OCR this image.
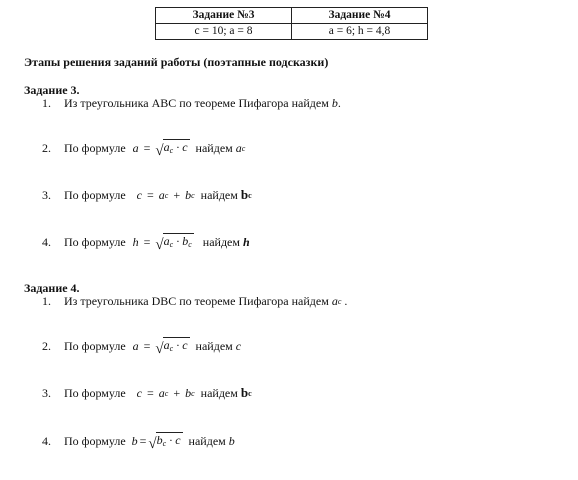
Задание №3	Задание №4
c = 10; a = 8	a = 6; h = 4,8
Этапы решения заданий работы (поэтапные подсказки)
Задание 3.
1.	Из треугольника ABC по теореме Пифагора найдем
b .
2.	По формуле a = √ $a_c \cdot c$ найдем
a c
3.	По формуле c = a c + b c найдем
b c
4.	По формуле h = √ $a_c \cdot b_c$ найдем
h
Задание 4.
1.	Из треугольника DBC по теореме Пифагора найдем
a c
.
2.	По формуле a = √ $a_c \cdot c$ найдем
c
3.	По формуле c = a c + b c найдем
b c
4.	По формуле b = √ $b_c \cdot c$ найдем
b
